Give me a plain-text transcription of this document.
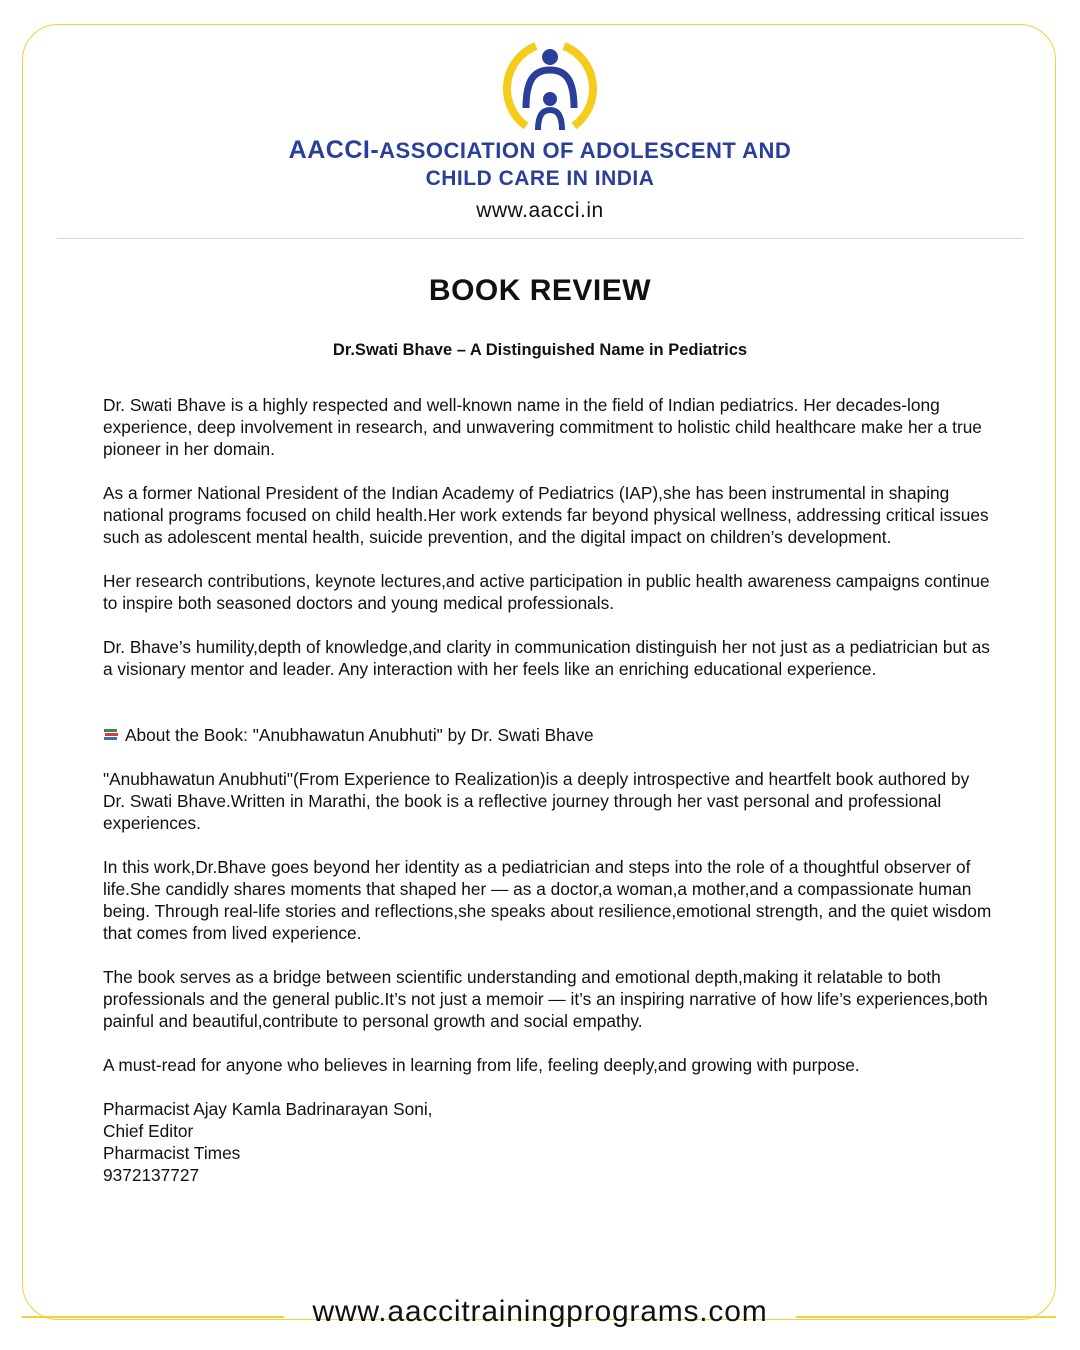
AACCI-ASSOCIATION OF ADOLESCENT AND
CHILD CARE IN INDIA
www.aacci.in
BOOK REVIEW
Dr.Swati Bhave – A Distinguished Name in Pediatrics

Dr. Swati Bhave is a highly respected and well-known name in the field of Indian pediatrics. Her decades-long experience, deep involvement in research, and unwavering commitment to holistic child healthcare make her a true pioneer in her domain.

As a former National President of the Indian Academy of Pediatrics (IAP),she has been instrumental in shaping national programs focused on child health.Her work extends far beyond physical wellness, addressing critical issues such as adolescent mental health, suicide prevention, and the digital impact on children’s development.

Her research contributions, keynote lectures,and active participation in public health awareness campaigns continue to inspire both seasoned doctors and young medical professionals.

Dr. Bhave’s humility,depth of knowledge,and clarity in communication distinguish her not just as a pediatrician but as a visionary mentor and leader. Any interaction with her feels like an enriching educational experience.

About the Book: "Anubhawatun Anubhuti" by Dr. Swati Bhave

"Anubhawatun Anubhuti"(From Experience to Realization)is a deeply introspective and heartfelt book authored by Dr. Swati Bhave.Written in Marathi, the book is a reflective journey through her vast personal and professional experiences.

In this work,Dr.Bhave goes beyond her identity as a pediatrician and steps into the role of a thoughtful observer of life.She candidly shares moments that shaped her — as a doctor,a woman,a mother,and a compassionate human being. Through real-life stories and reflections,she speaks about resilience,emotional strength, and the quiet wisdom that comes from lived experience.

The book serves as a bridge between scientific understanding and emotional depth,making it relatable to both professionals and the general public.It’s not just a memoir — it’s an inspiring narrative of how life’s experiences,both painful and beautiful,contribute to personal growth and social empathy.

A must-read for anyone who believes in learning from life, feeling deeply,and growing with purpose.

Pharmacist Ajay Kamla Badrinarayan Soni,
Chief Editor
Pharmacist Times
9372137727
www.aaccitrainingprograms.com
